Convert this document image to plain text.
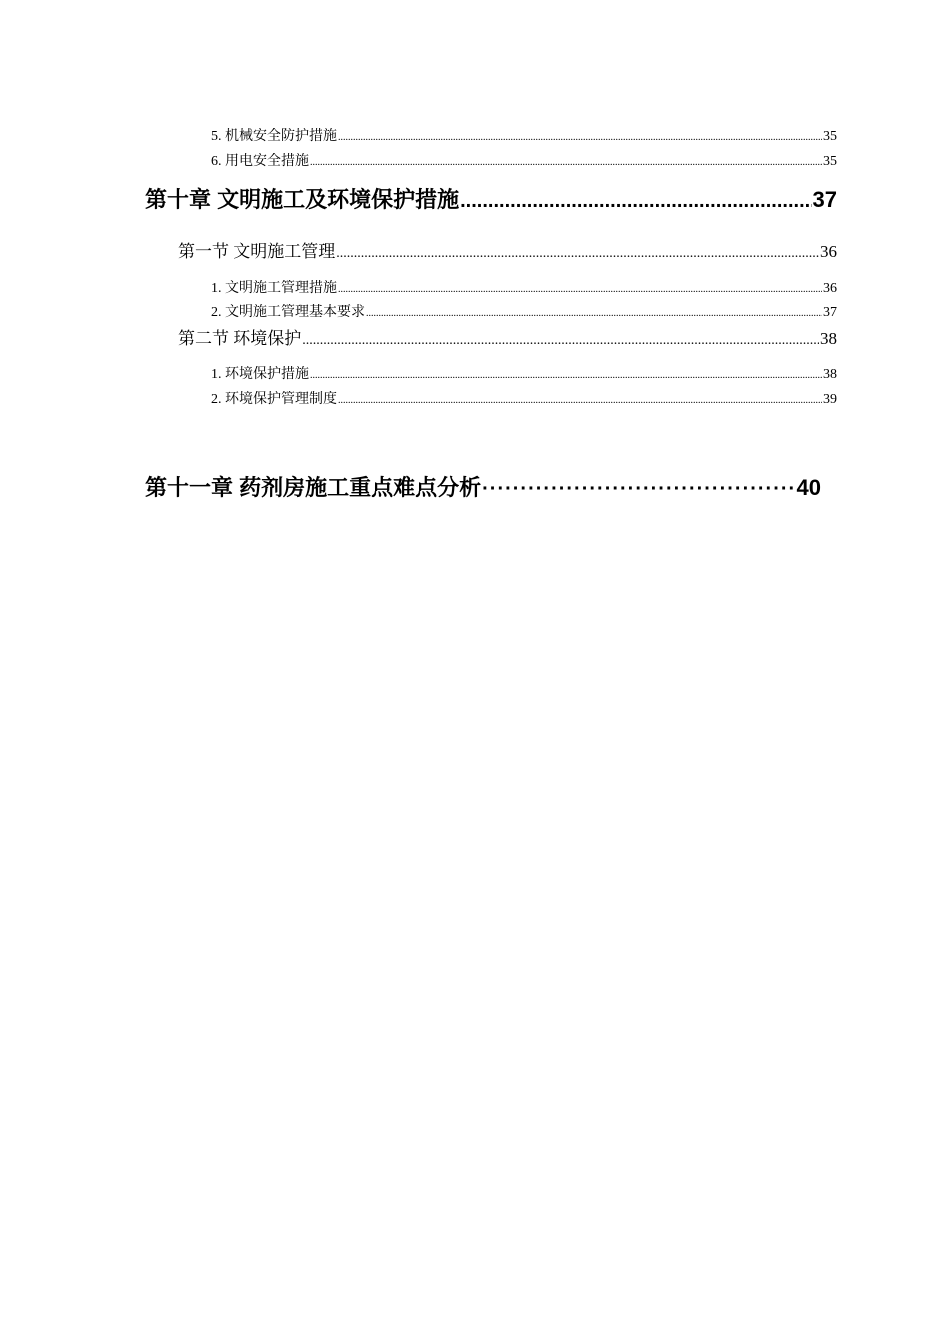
5. 机械安全防护措施 .....	35
6. 用电安全措施 .....	35
第十章 文明施工及环境保护措施 .....	37
第一节 文明施工管理 .....	36
1. 文明施工管理措施 .....	36
2. 文明施工管理基本要求 .....	37
第二节 环境保护 .....	38
1. 环境保护措施 .....	38
2. 环境保护管理制度 .....	39
第十一章 药剂房施工重点难点分析 ·····	40
